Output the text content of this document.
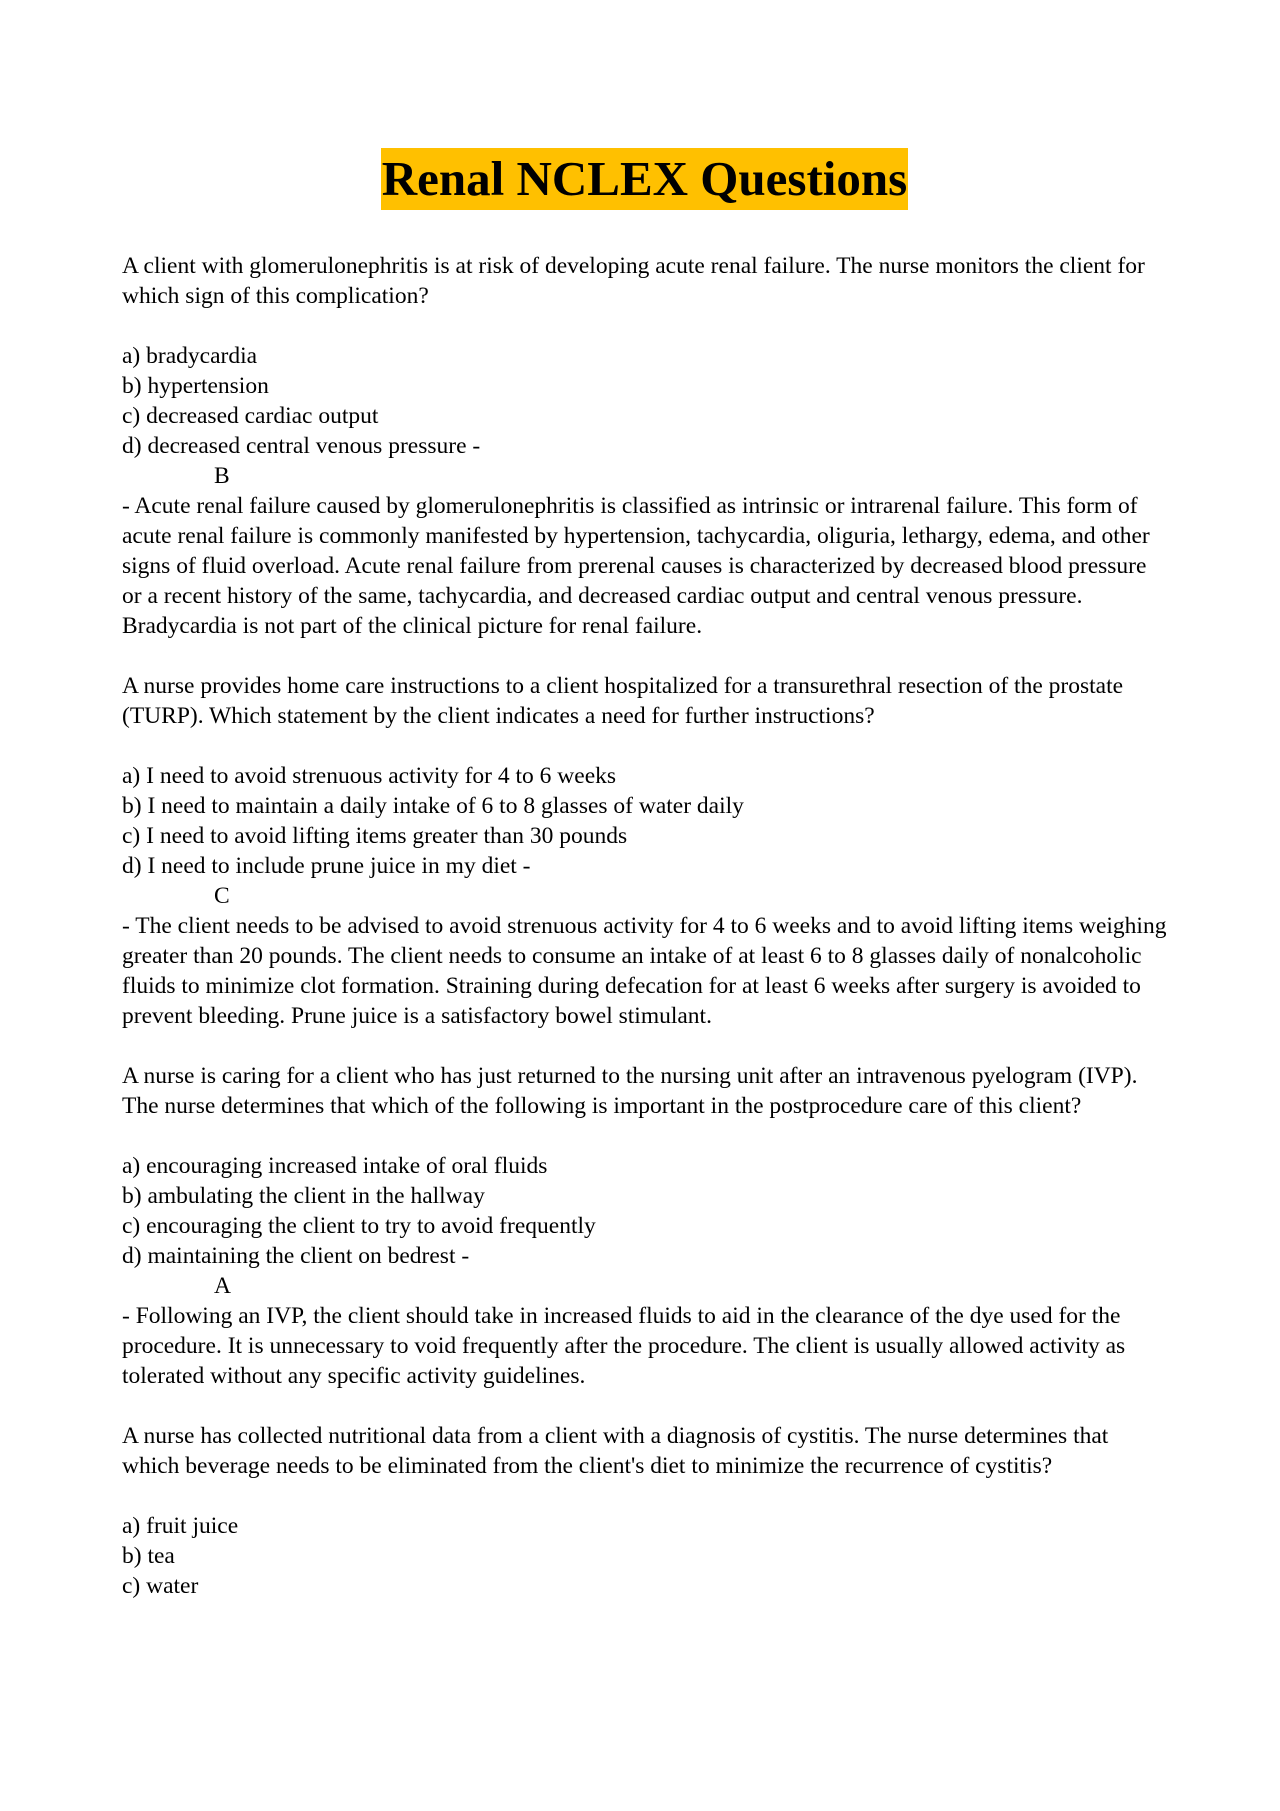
Renal NCLEX Questions

A client with glomerulonephritis is at risk of developing acute renal failure. The nurse monitors the client for which sign of this complication?

a) bradycardia

b) hypertension

c) decreased cardiac output

d) decreased central venous pressure -

B

- Acute renal failure caused by glomerulonephritis is classified as intrinsic or intrarenal failure. This form of acute renal failure is commonly manifested by hypertension, tachycardia, oliguria, lethargy, edema, and other signs of fluid overload. Acute renal failure from prerenal causes is characterized by decreased blood pressure or a recent history of the same, tachycardia, and decreased cardiac output and central venous pressure. Bradycardia is not part of the clinical picture for renal failure.

A nurse provides home care instructions to a client hospitalized for a transurethral resection of the prostate (TURP). Which statement by the client indicates a need for further instructions?

a) I need to avoid strenuous activity for 4 to 6 weeks

b) I need to maintain a daily intake of 6 to 8 glasses of water daily

c) I need to avoid lifting items greater than 30 pounds

d) I need to include prune juice in my diet -

C

- The client needs to be advised to avoid strenuous activity for 4 to 6 weeks and to avoid lifting items weighing greater than 20 pounds. The client needs to consume an intake of at least 6 to 8 glasses daily of nonalcoholic fluids to minimize clot formation. Straining during defecation for at least 6 weeks after surgery is avoided to prevent bleeding. Prune juice is a satisfactory bowel stimulant.

A nurse is caring for a client who has just returned to the nursing unit after an intravenous pyelogram (IVP). The nurse determines that which of the following is important in the postprocedure care of this client?

a) encouraging increased intake of oral fluids

b) ambulating the client in the hallway

c) encouraging the client to try to avoid frequently

d) maintaining the client on bedrest -

A

- Following an IVP, the client should take in increased fluids to aid in the clearance of the dye used for the procedure. It is unnecessary to void frequently after the procedure. The client is usually allowed activity as tolerated without any specific activity guidelines.

A nurse has collected nutritional data from a client with a diagnosis of cystitis. The nurse determines that which beverage needs to be eliminated from the client's diet to minimize the recurrence of cystitis?

a) fruit juice

b) tea

c) water
